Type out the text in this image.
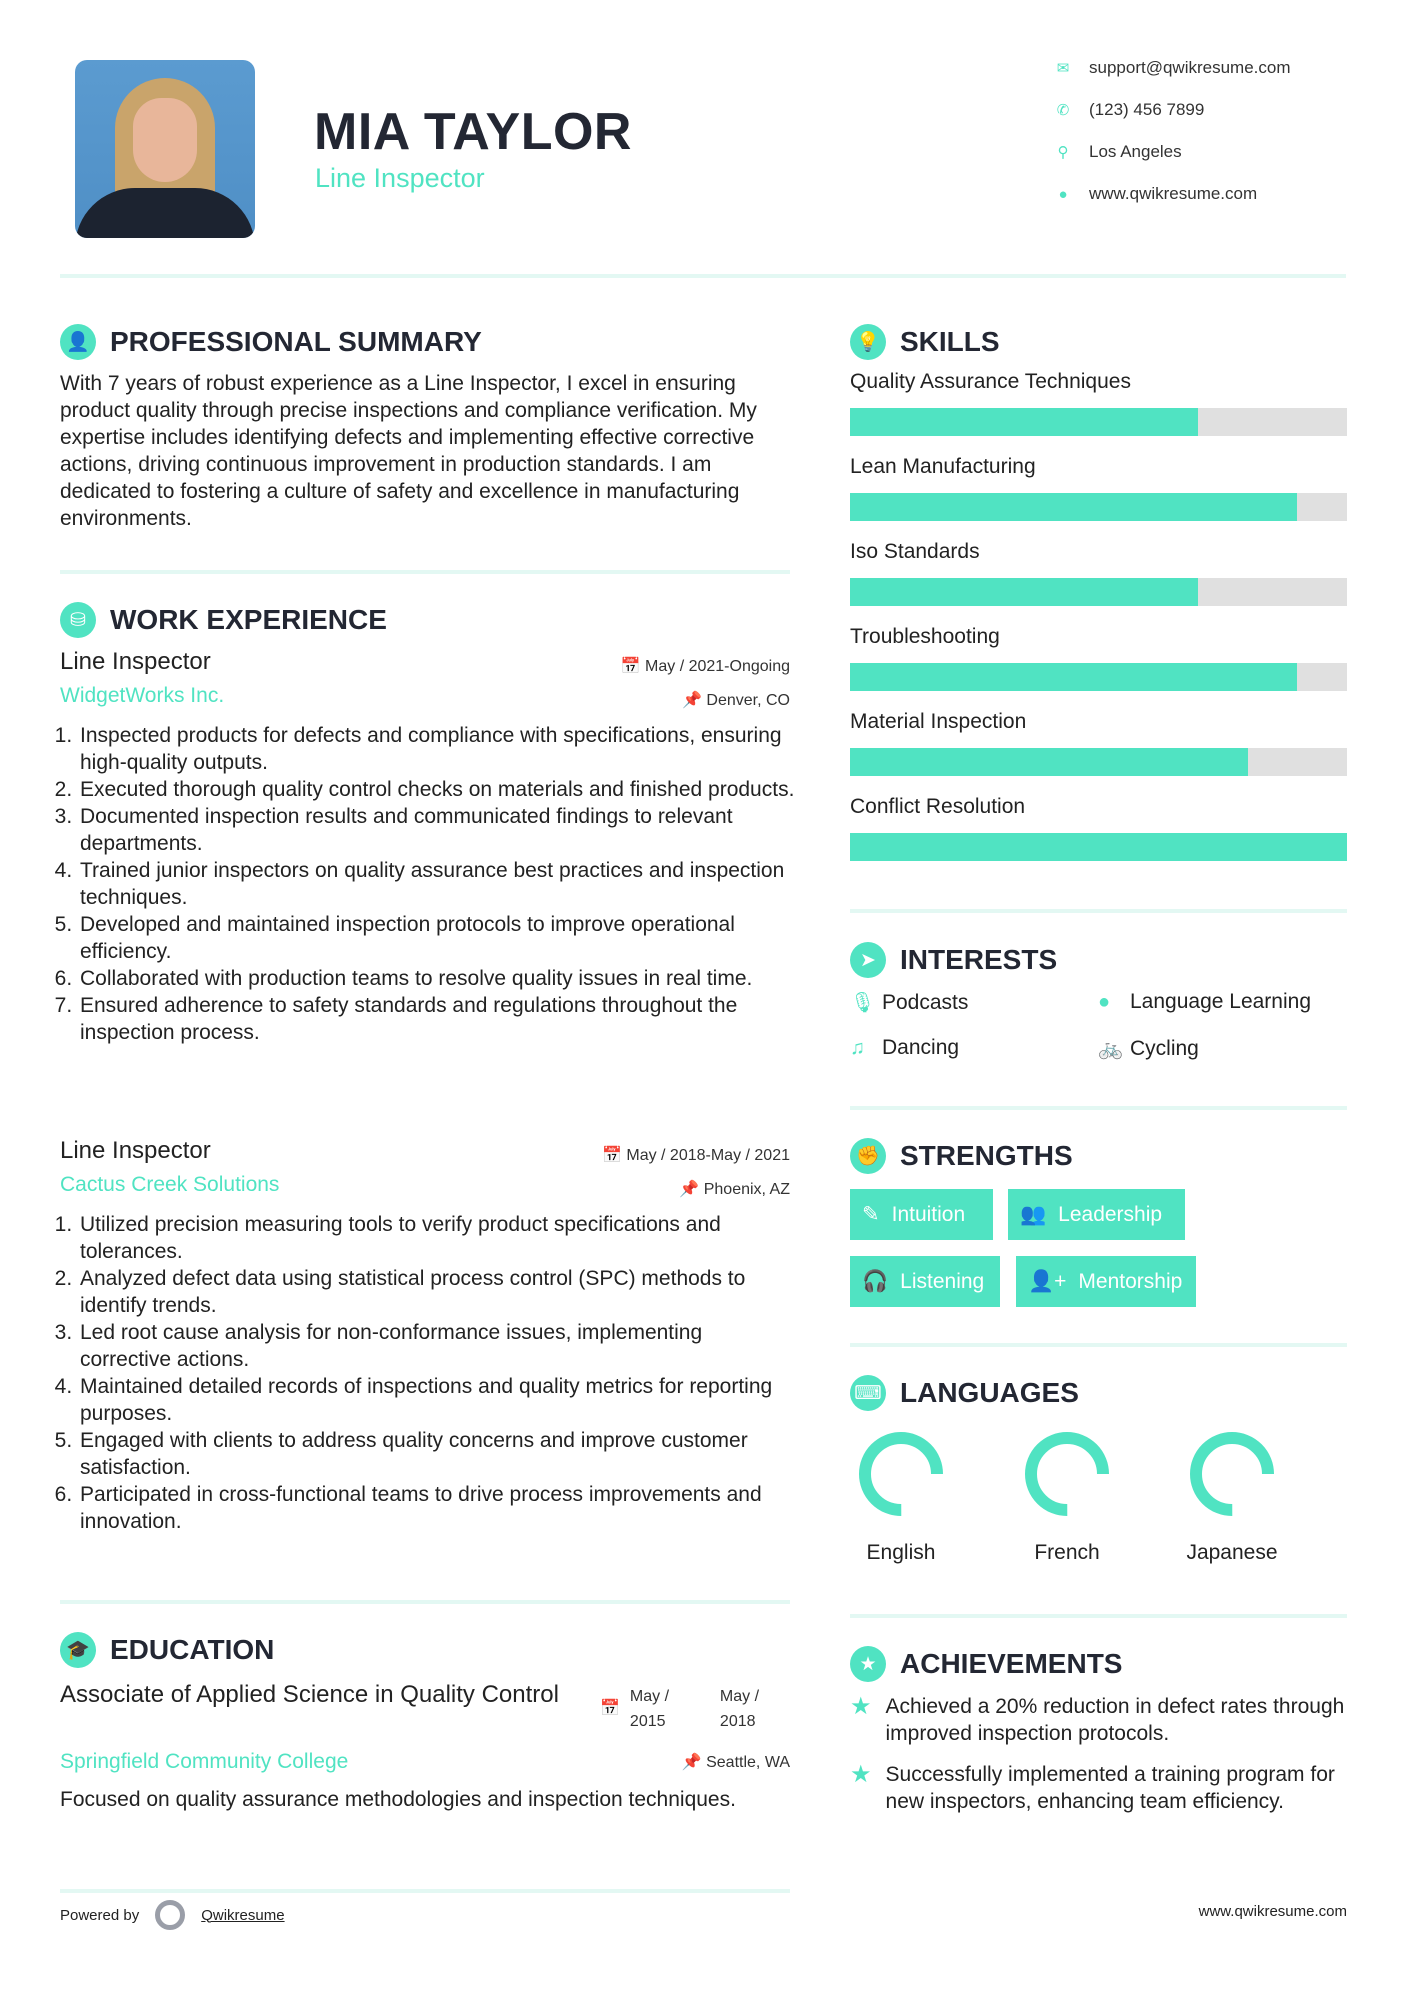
MIA TAYLOR
Line Inspector
✉ support@qwikresume.com
✆ (123) 456 7899
⚲ Los Angeles
● www.qwikresume.com
👤 PROFESSIONAL SUMMARY
With 7 years of robust experience as a Line Inspector, I excel in ensuring product quality through precise inspections and compliance verification. My expertise includes identifying defects and implementing effective corrective actions, driving continuous improvement in production standards. I am dedicated to fostering a culture of safety and excellence in manufacturing environments.
⛁ WORK EXPERIENCE
Line Inspector	📅 May / 2021-Ongoing
WidgetWorks Inc.	📌 Denver, CO
1. Inspected products for defects and compliance with specifications, ensuring high-quality outputs.
2. Executed thorough quality control checks on materials and finished products.
3. Documented inspection results and communicated findings to relevant departments.
4. Trained junior inspectors on quality assurance best practices and inspection techniques.
5. Developed and maintained inspection protocols to improve operational efficiency.
6. Collaborated with production teams to resolve quality issues in real time.
7. Ensured adherence to safety standards and regulations throughout the inspection process.
Line Inspector	📅 May / 2018-May / 2021
Cactus Creek Solutions	📌 Phoenix, AZ
1. Utilized precision measuring tools to verify product specifications and tolerances.
2. Analyzed defect data using statistical process control (SPC) methods to identify trends.
3. Led root cause analysis for non-conformance issues, implementing corrective actions.
4. Maintained detailed records of inspections and quality metrics for reporting purposes.
5. Engaged with clients to address quality concerns and improve customer satisfaction.
6. Participated in cross-functional teams to drive process improvements and innovation.
🎓 EDUCATION
Associate of Applied Science in Quality Control
📅
May / 2015
May / 2018
Springfield Community College	📌 Seattle, WA
Focused on quality assurance methodologies and inspection techniques.
Powered by	Qwikresume
💡 SKILLS
Quality Assurance Techniques
Lean Manufacturing
Iso Standards
Troubleshooting
Material Inspection
Conflict Resolution
➤ INTERESTS
🎙 Podcasts	● Language Learning
♫ Dancing	🚲 Cycling
✊ STRENGTHS
✎ Intuition	👥 Leadership
🎧 Listening 👤+ Mentorship
⌨ LANGUAGES
English	French	Japanese
★ ACHIEVEMENTS
★ Achieved a 20% reduction in defect rates through improved inspection protocols.
★ Successfully implemented a training program for new inspectors, enhancing team efficiency.
www.qwikresume.com
